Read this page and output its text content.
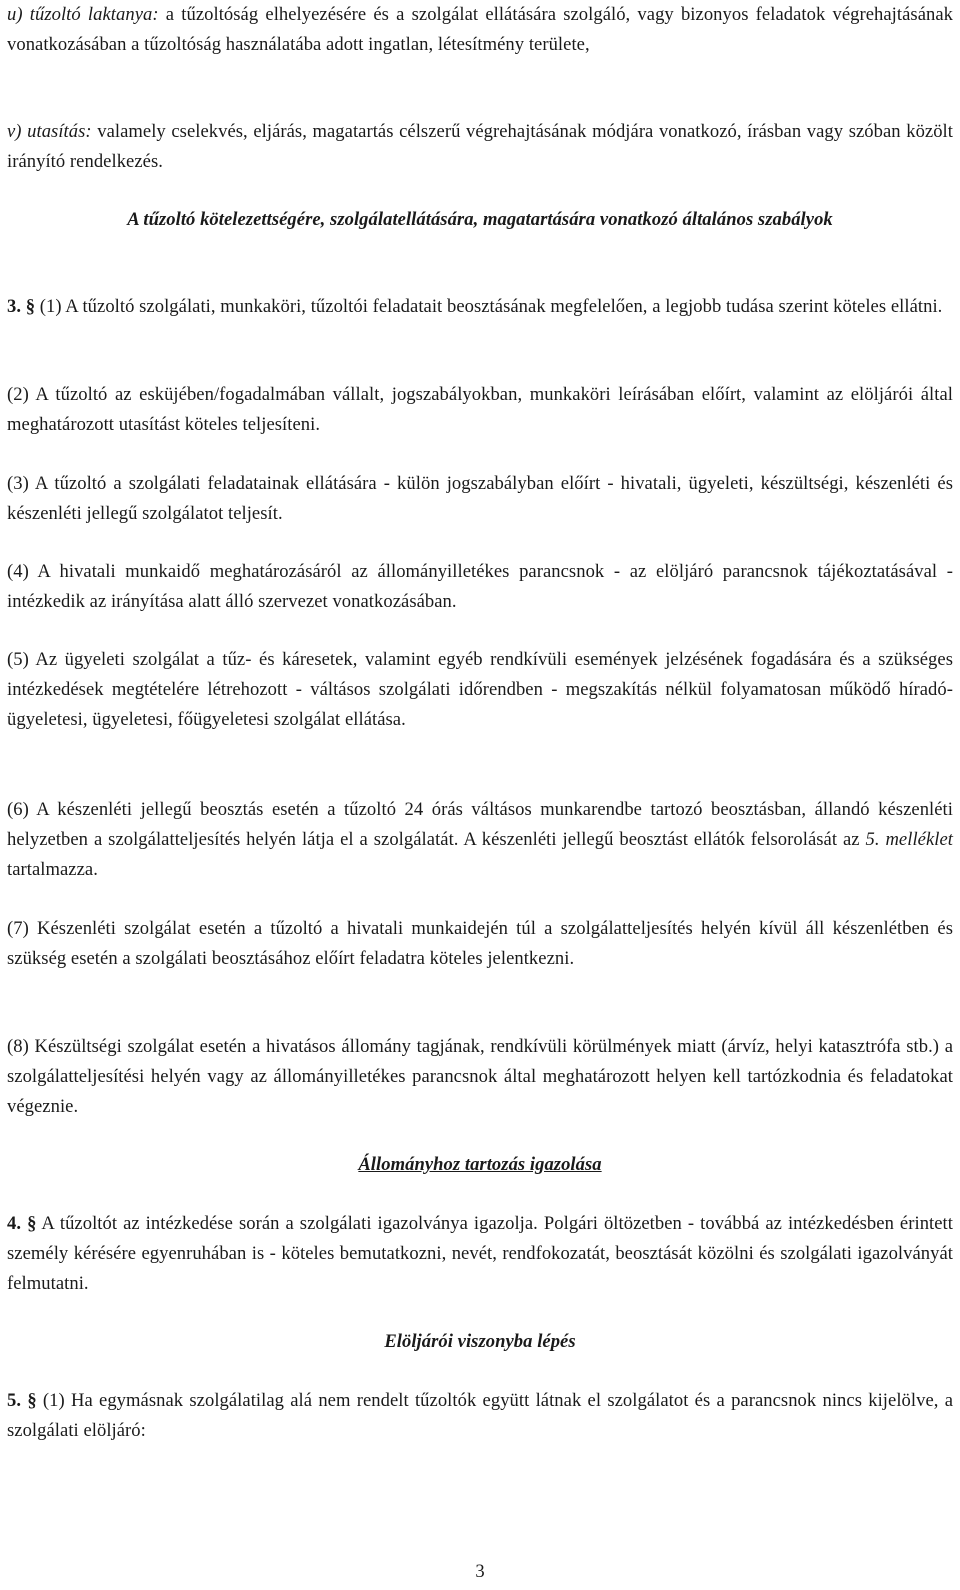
u) tűzoltó laktanya: a tűzoltóság elhelyezésére és a szolgálat ellátására szolgáló, vagy bizonyos feladatok végrehajtásának vonatkozásában a tűzoltóság használatába adott ingatlan, létesítmény területe,

v) utasítás: valamely cselekvés, eljárás, magatartás célszerű végrehajtásának módjára vonatkozó, írásban vagy szóban közölt irányító rendelkezés.

A tűzoltó kötelezettségére, szolgálatellátására, magatartására vonatkozó általános szabályok

3. § (1) A tűzoltó szolgálati, munkaköri, tűzoltói feladatait beosztásának megfelelően, a legjobb tudása szerint köteles ellátni.

(2) A tűzoltó az esküjében/fogadalmában vállalt, jogszabályokban, munkaköri leírásában előírt, valamint az elöljárói által meghatározott utasítást köteles teljesíteni.

(3) A tűzoltó a szolgálati feladatainak ellátására - külön jogszabályban előírt - hivatali, ügyeleti, készültségi, készenléti és készenléti jellegű szolgálatot teljesít.

(4) A hivatali munkaidő meghatározásáról az állományilletékes parancsnok - az elöljáró parancsnok tájékoztatásával - intézkedik az irányítása alatt álló szervezet vonatkozásában.

(5) Az ügyeleti szolgálat a tűz- és káresetek, valamint egyéb rendkívüli események jelzésének fogadására és a szükséges intézkedések megtételére létrehozott - váltásos szolgálati időrendben - megszakítás nélkül folyamatosan működő híradó-ügyeletesi, ügyeletesi, főügyeletesi szolgálat ellátása.

(6) A készenléti jellegű beosztás esetén a tűzoltó 24 órás váltásos munkarendbe tartozó beosztásban, állandó készenléti helyzetben a szolgálatteljesítés helyén látja el a szolgálatát. A készenléti jellegű beosztást ellátók felsorolását az 5. melléklet tartalmazza.

(7) Készenléti szolgálat esetén a tűzoltó a hivatali munkaidején túl a szolgálatteljesítés helyén kívül áll készenlétben és szükség esetén a szolgálati beosztásához előírt feladatra köteles jelentkezni.

(8) Készültségi szolgálat esetén a hivatásos állomány tagjának, rendkívüli körülmények miatt (árvíz, helyi katasztrófa stb.) a szolgálatteljesítési helyén vagy az állományilletékes parancsnok által meghatározott helyen kell tartózkodnia és feladatokat végeznie.

Állományhoz tartozás igazolása

4. § A tűzoltót az intézkedése során a szolgálati igazolványa igazolja. Polgári öltözetben - továbbá az intézkedésben érintett személy kérésére egyenruhában is - köteles bemutatkozni, nevét, rendfokozatát, beosztását közölni és szolgálati igazolványát felmutatni.

Elöljárói viszonyba lépés

5. § (1) Ha egymásnak szolgálatilag alá nem rendelt tűzoltók együtt látnak el szolgálatot és a parancsnok nincs kijelölve, a szolgálati elöljáró:

3
